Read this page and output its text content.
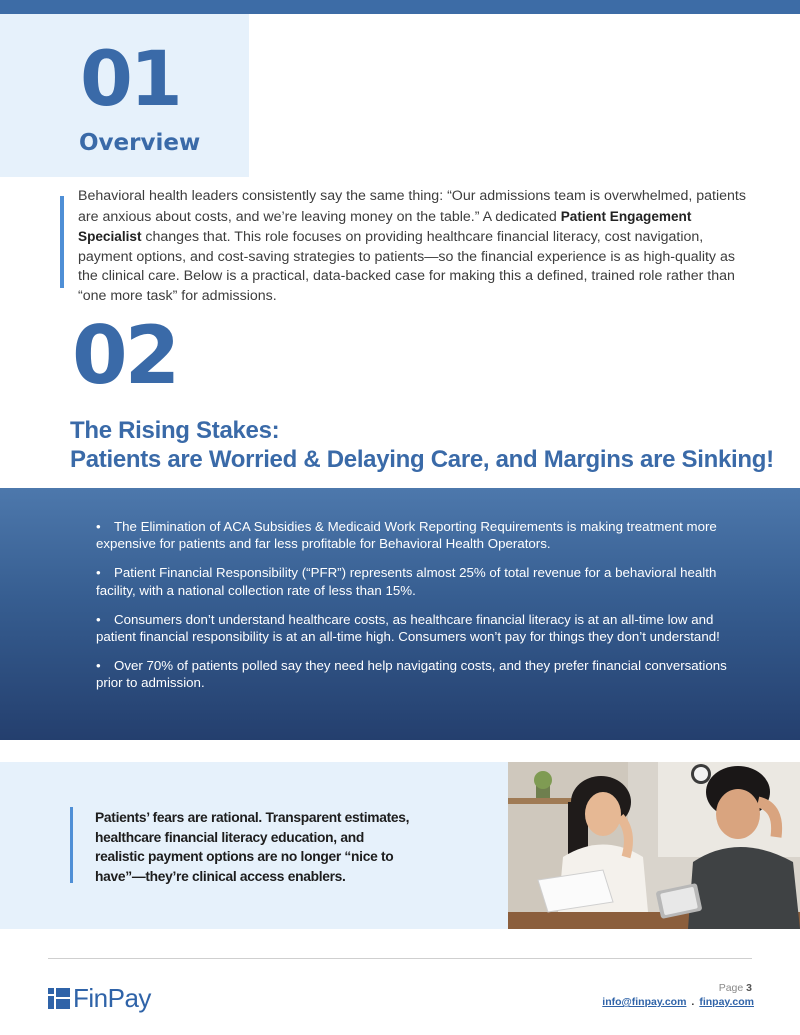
01
Overview

Behavioral health leaders consistently say the same thing: “Our admissions team is overwhelmed, patients are anxious about costs, and we’re leaving money on the table.” A dedicated Patient Engagement Specialist changes that. This role focuses on providing healthcare financial literacy, cost navigation, payment options, and cost-saving strategies to patients—so the financial experience is as high-quality as the clinical care. Below is a practical, data-backed case for making this a defined, trained role rather than “one more task” for admissions.

02
The Rising Stakes:
Patients are Worried & Delaying Care, and Margins are Sinking!
• The Elimination of ACA Subsidies & Medicaid Work Reporting Requirements is making treatment more expensive for patients and far less profitable for Behavioral Health Operators.
• Patient Financial Responsibility (“PFR”) represents almost 25% of total revenue for a behavioral health facility, with a national collection rate of less than 15%.
• Consumers don’t understand healthcare costs, as healthcare financial literacy is at an all-time low and patient financial responsibility is at an all-time high. Consumers won’t pay for things they don’t understand!
• Over 70% of patients polled say they need help navigating costs, and they prefer financial conversations prior to admission.

Patients’ fears are rational. Transparent estimates, healthcare financial literacy education, and realistic payment options are no longer “nice to have”—they’re clinical access enablers.

FinPay	Page 3
info@finpay.com . finpay.com
